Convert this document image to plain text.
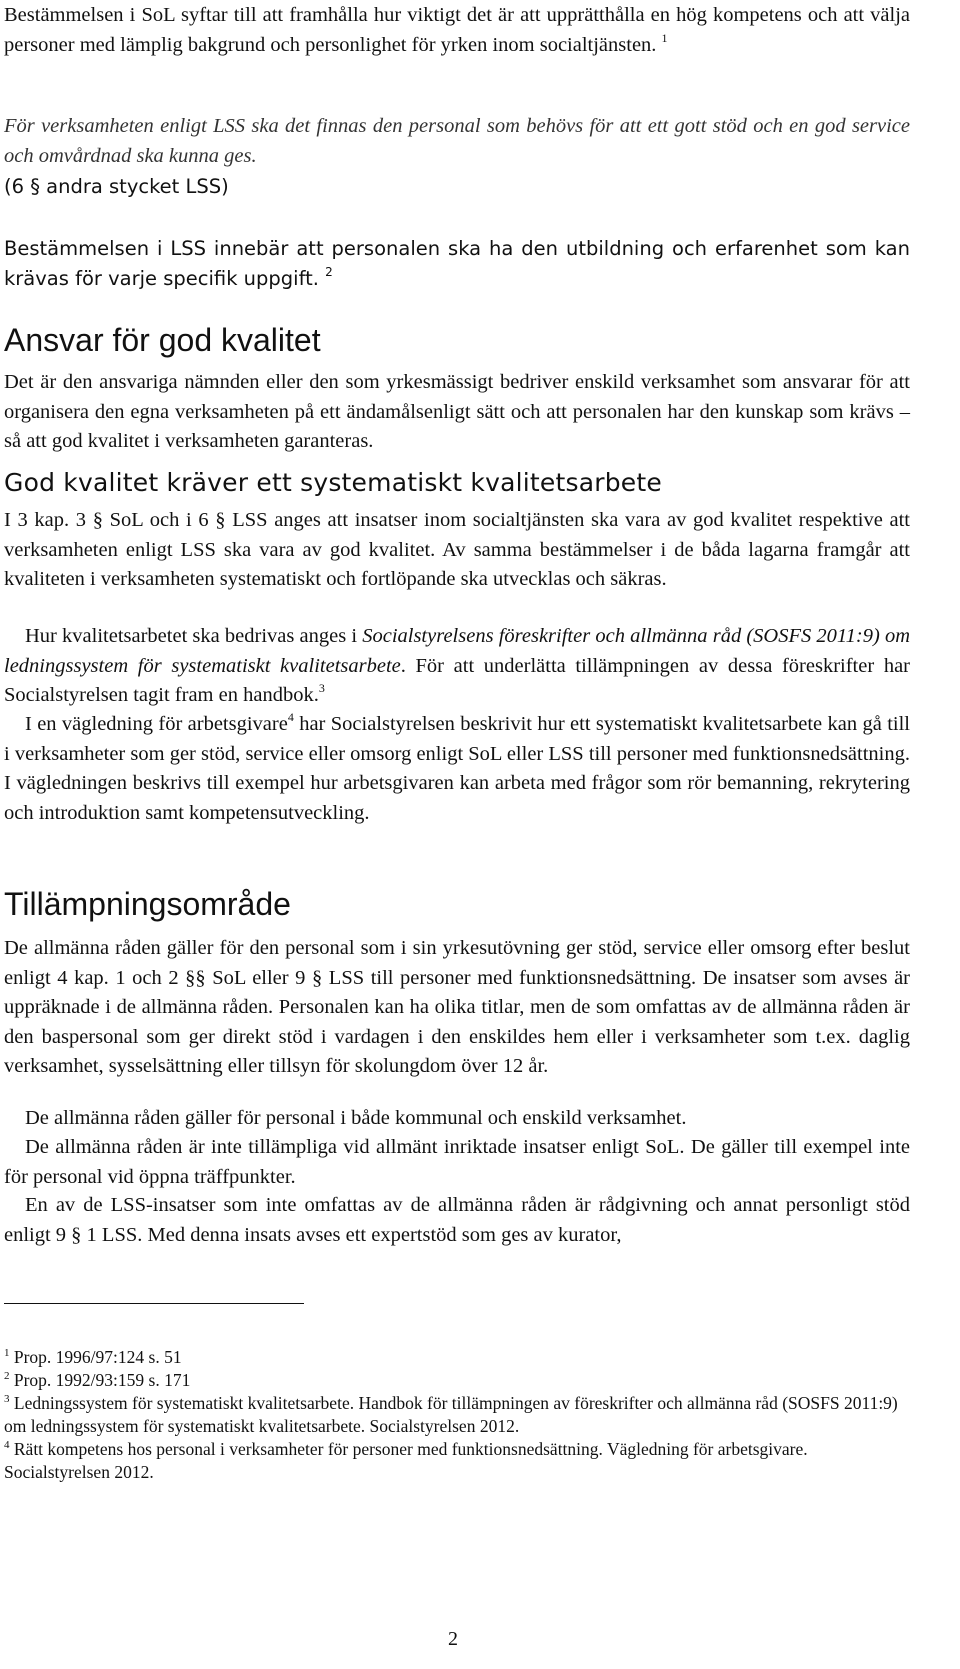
Bestämmelsen i SoL syftar till att framhålla hur viktigt det är att upprätthålla en hög kompetens och att välja personer med lämplig bakgrund och personlighet för yrken inom socialtjänsten. $^1$

För verksamheten enligt LSS ska det finnas den personal som behövs för att ett gott stöd och en god service och omvårdnad ska kunna ges.

(6 § andra stycket LSS)

Bestämmelsen i LSS innebär att personalen ska ha den utbildning och erfarenhet som kan krävas för varje specifik uppgift. $^2$

Ansvar för god kvalitet

Det är den ansvariga nämnden eller den som yrkesmässigt bedriver enskild verksamhet som ansvarar för att organisera den egna verksamheten på ett ändamålsenligt sätt och att personalen har den kunskap som krävs – så att god kvalitet i verksamheten garanteras.

God kvalitet kräver ett systematiskt kvalitetsarbete

I 3 kap. 3 § SoL och i 6 § LSS anges att insatser inom socialtjänsten ska vara av god kvalitet respektive att verksamheten enligt LSS ska vara av god kvalitet. Av samma bestämmelser i de båda lagarna framgår att kvaliteten i verksamheten systematiskt och fortlöpande ska utvecklas och säkras.

Hur kvalitetsarbetet ska bedrivas anges i Socialstyrelsens föreskrifter och allmänna råd (SOSFS 2011:9) om ledningssystem för systematiskt kvalitetsarbete. För att underlätta tillämpningen av dessa föreskrifter har Socialstyrelsen tagit fram en handbok.$^3$

I en vägledning för arbetsgivare$^4$ har Socialstyrelsen beskrivit hur ett systematiskt kvalitetsarbete kan gå till i verksamheter som ger stöd, service eller omsorg enligt SoL eller LSS till personer med funktionsnedsättning. I vägledningen beskrivs till exempel hur arbetsgivaren kan arbeta med frågor som rör bemanning, rekrytering och introduktion samt kompetensutveckling.

Tillämpningsområde

De allmänna råden gäller för den personal som i sin yrkesutövning ger stöd, service eller omsorg efter beslut enligt 4 kap. 1 och 2 §§ SoL eller 9 § LSS till personer med funktionsnedsättning. De insatser som avses är uppräknade i de allmänna råden. Personalen kan ha olika titlar, men de som omfattas av de allmänna råden är den baspersonal som ger direkt stöd i vardagen i den enskildes hem eller i verksamheter som t.ex. daglig verksamhet, sysselsättning eller tillsyn för skolungdom över 12 år.

De allmänna råden gäller för personal i både kommunal och enskild verksamhet.

De allmänna råden är inte tillämpliga vid allmänt inriktade insatser enligt SoL. De gäller till exempel inte för personal vid öppna träffpunkter.

En av de LSS-insatser som inte omfattas av de allmänna råden är rådgivning och annat personligt stöd enligt 9 § 1 LSS. Med denna insats avses ett expertstöd som ges av kurator,

$^1$ Prop. 1996/97:124 s. 51

$^2$ Prop. 1992/93:159 s. 171

$^3$ Ledningssystem för systematiskt kvalitetsarbete. Handbok för tillämpningen av föreskrifter och allmänna råd (SOSFS 2011:9) om ledningssystem för systematiskt kvalitetsarbete. Socialstyrelsen 2012.

$^4$ Rätt kompetens hos personal i verksamheter för personer med funktionsnedsättning. Vägledning för arbetsgivare. Socialstyrelsen 2012.

2
